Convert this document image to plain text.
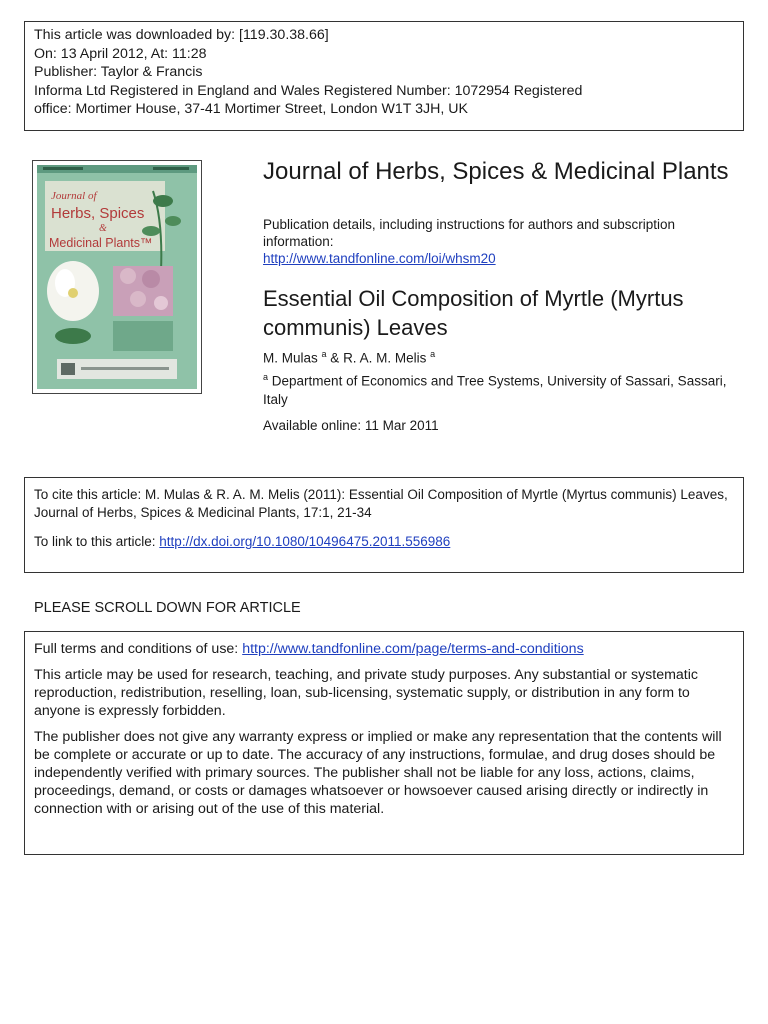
This article was downloaded by: [119.30.38.66]
On: 13 April 2012, At: 11:28
Publisher: Taylor & Francis
Informa Ltd Registered in England and Wales Registered Number: 1072954 Registered
office: Mortimer House, 37-41 Mortimer Street, London W1T 3JH, UK
Journal of
Herbs, Spices
&
Medicinal Plants™
Journal of Herbs, Spices & Medicinal Plants
Publication details, including instructions for authors and subscription information:
http://www.tandfonline.com/loi/whsm20
Essential Oil Composition of Myrtle (Myrtus communis) Leaves
M. Mulas $^a$ & R. A. M. Melis $^a$
$^a$ Department of Economics and Tree Systems, University of Sassari, Sassari, Italy
Available online: 11 Mar 2011
To cite this article: M. Mulas & R. A. M. Melis (2011): Essential Oil Composition of Myrtle (Myrtus communis) Leaves, Journal of Herbs, Spices & Medicinal Plants, 17:1, 21-34
To link to this article: http://dx.doi.org/10.1080/10496475.2011.556986
PLEASE SCROLL DOWN FOR ARTICLE

Full terms and conditions of use: http://www.tandfonline.com/page/terms-and-conditions

This article may be used for research, teaching, and private study purposes. Any substantial or systematic reproduction, redistribution, reselling, loan, sub-licensing, systematic supply, or distribution in any form to anyone is expressly forbidden.

The publisher does not give any warranty express or implied or make any representation that the contents will be complete or accurate or up to date. The accuracy of any instructions, formulae, and drug doses should be independently verified with primary sources. The publisher shall not be liable for any loss, actions, claims, proceedings, demand, or costs or damages whatsoever or howsoever caused arising directly or indirectly in connection with or arising out of the use of this material.
